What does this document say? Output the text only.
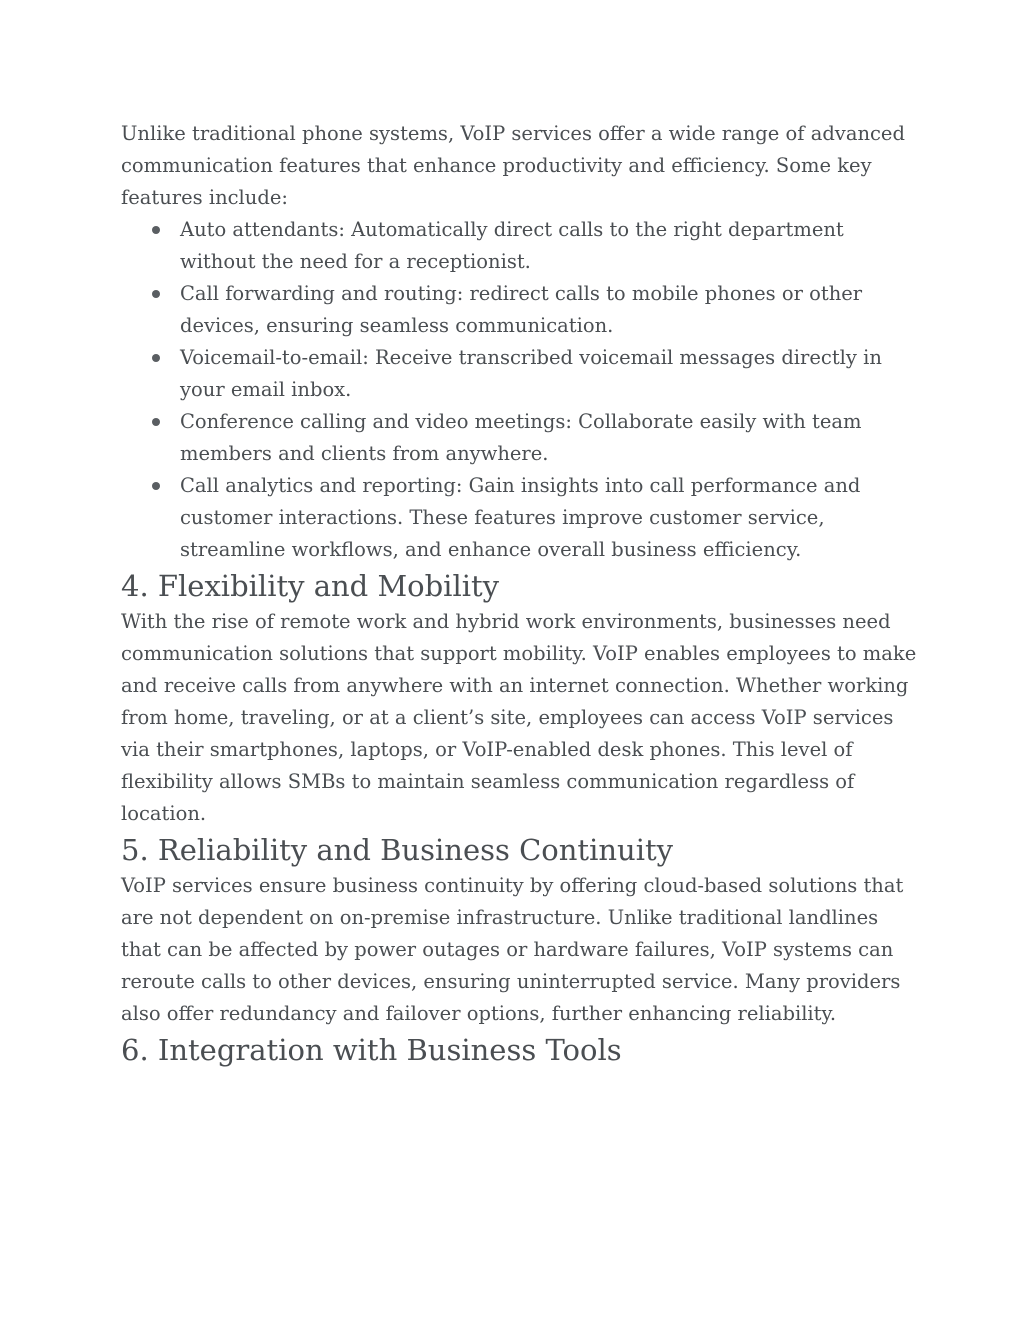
Unlike traditional phone systems, VoIP services offer a wide range of advanced communication features that enhance productivity and efficiency. Some key features include:

Auto attendants: Automatically direct calls to the right department without the need for a receptionist.
Call forwarding and routing: redirect calls to mobile phones or other devices, ensuring seamless communication.
Voicemail-to-email: Receive transcribed voicemail messages directly in your email inbox.
Conference calling and video meetings: Collaborate easily with team members and clients from anywhere.
Call analytics and reporting: Gain insights into call performance and customer interactions. These features improve customer service, streamline workflows, and enhance overall business efficiency.
4. Flexibility and Mobility

With the rise of remote work and hybrid work environments, businesses need communication solutions that support mobility. VoIP enables employees to make and receive calls from anywhere with an internet connection. Whether working from home, traveling, or at a client’s site, employees can access VoIP services via their smartphones, laptops, or VoIP-enabled desk phones. This level of flexibility allows SMBs to maintain seamless communication regardless of location.

5. Reliability and Business Continuity

VoIP services ensure business continuity by offering cloud-based solutions that are not dependent on on-premise infrastructure. Unlike traditional landlines that can be affected by power outages or hardware failures, VoIP systems can reroute calls to other devices, ensuring uninterrupted service. Many providers also offer redundancy and failover options, further enhancing reliability.

6. Integration with Business Tools
